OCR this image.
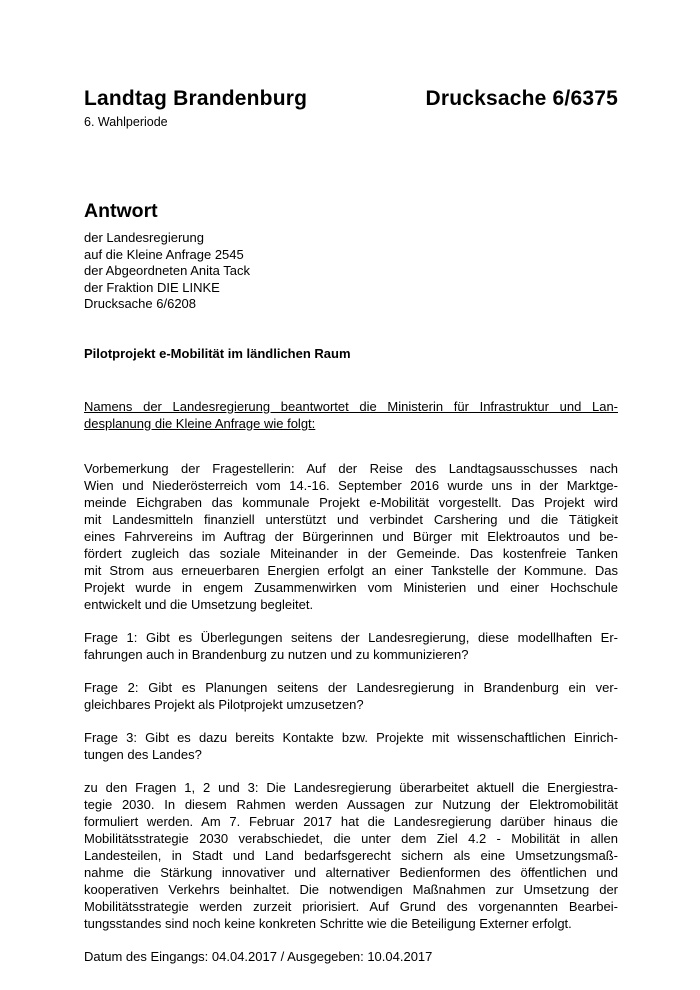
Landtag Brandenburg	Drucksache 6/6375
6. Wahlperiode
Antwort
der Landesregierung
auf die Kleine Anfrage 2545
der Abgeordneten Anita Tack
der Fraktion DIE LINKE
Drucksache 6/6208
Pilotprojekt e-Mobilität im ländlichen Raum
Namens der Landesregierung beantwortet die Ministerin für Infrastruktur und Lan-
desplanung die Kleine Anfrage wie folgt:
Vorbemerkung der Fragestellerin: Auf der Reise des Landtagsausschusses nach
Wien und Niederösterreich vom 14.-16. September 2016 wurde uns in der Marktge-
meinde Eichgraben das kommunale Projekt e-Mobilität vorgestellt. Das Projekt wird
mit Landesmitteln finanziell unterstützt und verbindet Carshering und die Tätigkeit
eines Fahrvereins im Auftrag der Bürgerinnen und Bürger mit Elektroautos und be-
fördert zugleich das soziale Miteinander in der Gemeinde. Das kostenfreie Tanken
mit Strom aus erneuerbaren Energien erfolgt an einer Tankstelle der Kommune. Das
Projekt wurde in engem Zusammenwirken vom Ministerien und einer Hochschule
entwickelt und die Umsetzung begleitet.
Frage 1: Gibt es Überlegungen seitens der Landesregierung, diese modellhaften Er-
fahrungen auch in Brandenburg zu nutzen und zu kommunizieren?
Frage 2: Gibt es Planungen seitens der Landesregierung in Brandenburg ein ver-
gleichbares Projekt als Pilotprojekt umzusetzen?
Frage 3: Gibt es dazu bereits Kontakte bzw. Projekte mit wissenschaftlichen Einrich-
tungen des Landes?
zu den Fragen 1, 2 und 3: Die Landesregierung überarbeitet aktuell die Energiestra-
tegie 2030. In diesem Rahmen werden Aussagen zur Nutzung der Elektromobilität
formuliert werden. Am 7. Februar 2017 hat die Landesregierung darüber hinaus die
Mobilitätsstrategie 2030 verabschiedet, die unter dem Ziel 4.2 - Mobilität in allen
Landesteilen, in Stadt und Land bedarfsgerecht sichern als eine Umsetzungsmaß-
nahme die Stärkung innovativer und alternativer Bedienformen des öffentlichen und
kooperativen Verkehrs beinhaltet. Die notwendigen Maßnahmen zur Umsetzung der
Mobilitätsstrategie werden zurzeit priorisiert. Auf Grund des vorgenannten Bearbei-
tungsstandes sind noch keine konkreten Schritte wie die Beteiligung Externer erfolgt.
Datum des Eingangs: 04.04.2017 / Ausgegeben: 10.04.2017
